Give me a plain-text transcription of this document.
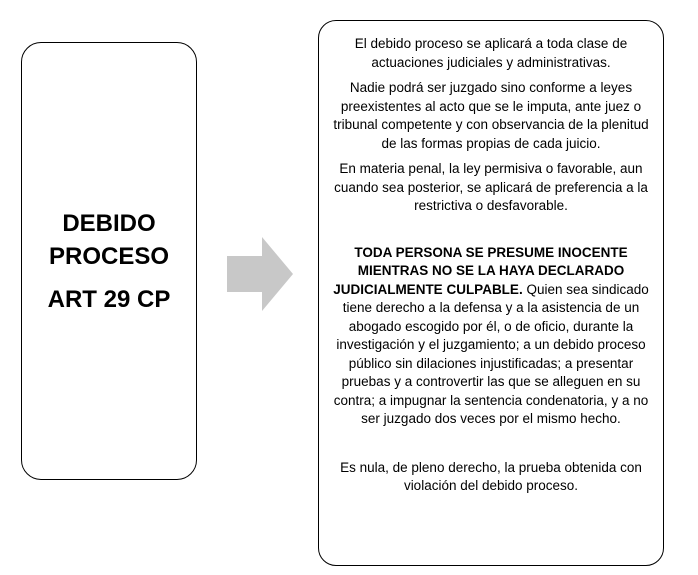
DEBIDO
PROCESO
ART 29 CP

El debido proceso se aplicará a toda clase de actuaciones judiciales y administrativas.

Nadie podrá ser juzgado sino conforme a leyes preexistentes al acto que se le imputa, ante juez o tribunal competente y con observancia de la plenitud de las formas propias de cada juicio.

En materia penal, la ley permisiva o favorable, aun cuando sea posterior, se aplicará de preferencia a la restrictiva o desfavorable.

TODA PERSONA SE PRESUME INOCENTE MIENTRAS NO SE LA HAYA DECLARADO JUDICIALMENTE CULPABLE. Quien sea sindicado tiene derecho a la defensa y a la asistencia de un abogado escogido por él, o de oficio, durante la investigación y el juzgamiento; a un debido proceso público sin dilaciones injustificadas; a presentar pruebas y a controvertir las que se alleguen en su contra; a impugnar la sentencia condenatoria, y a no ser juzgado dos veces por el mismo hecho.

Es nula, de pleno derecho, la prueba obtenida con violación del debido proceso.
